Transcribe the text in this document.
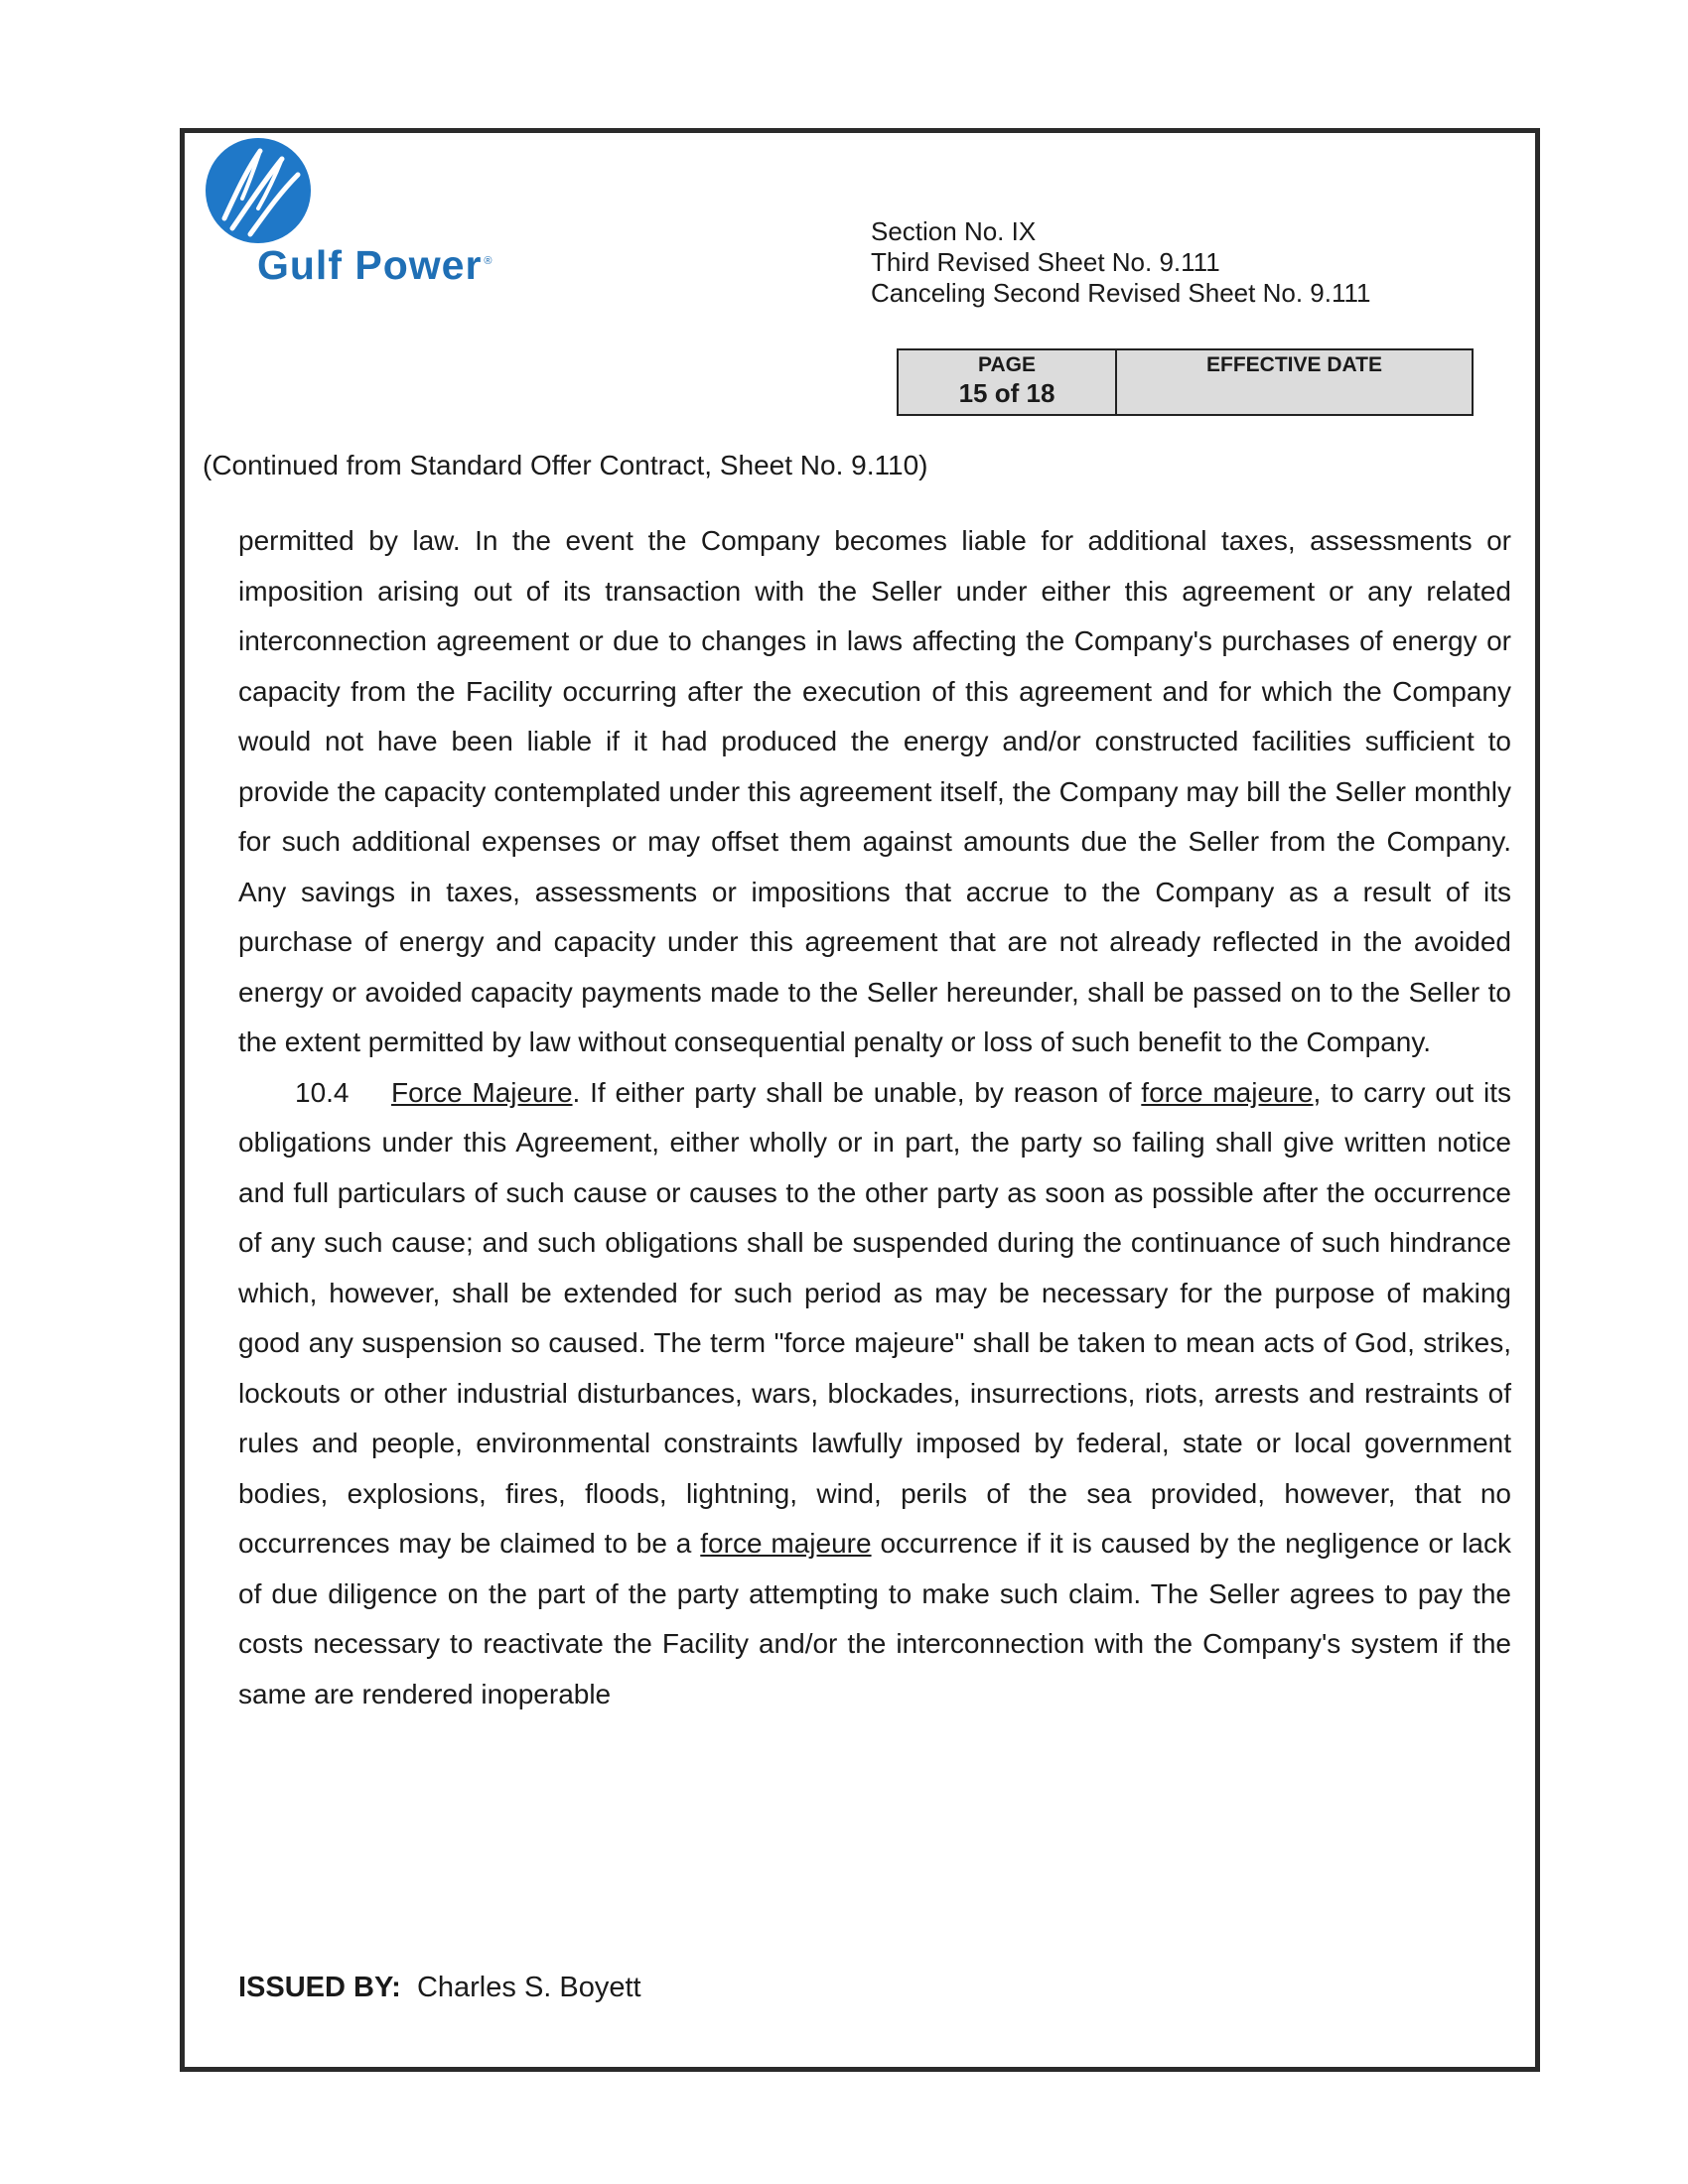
Gulf Power ®
Section No. IX
Third Revised Sheet No. 9.111
Canceling Second Revised Sheet No. 9.111
PAGE
15 of 18
EFFECTIVE DATE
(Continued from Standard Offer Contract, Sheet No. 9.110)

permitted by law. In the event the Company becomes liable for additional taxes, assessments or imposition arising out of its transaction with the Seller under either this agreement or any related interconnection agreement or due to changes in laws affecting the Company's purchases of energy or capacity from the Facility occurring after the execution of this agreement and for which the Company would not have been liable if it had produced the energy and/or constructed facilities sufficient to provide the capacity contemplated under this agreement itself, the Company may bill the Seller monthly for such additional expenses or may offset them against amounts due the Seller from the Company. Any savings in taxes, assessments or impositions that accrue to the Company as a result of its purchase of energy and capacity under this agreement that are not already reflected in the avoided energy or avoided capacity payments made to the Seller hereunder, shall be passed on to the Seller to the extent permitted by law without consequential penalty or loss of such benefit to the Company.

10.4 Force Majeure. If either party shall be unable, by reason of force majeure, to carry out its obligations under this Agreement, either wholly or in part, the party so failing shall give written notice and full particulars of such cause or causes to the other party as soon as possible after the occurrence of any such cause; and such obligations shall be suspended during the continuance of such hindrance which, however, shall be extended for such period as may be necessary for the purpose of making good any suspension so caused. The term "force majeure" shall be taken to mean acts of God, strikes, lockouts or other industrial disturbances, wars, blockades, insurrections, riots, arrests and restraints of rules and people, environmental constraints lawfully imposed by federal, state or local government bodies, explosions, fires, floods, lightning, wind, perils of the sea provided, however, that no occurrences may be claimed to be a force majeure occurrence if it is caused by the negligence or lack of due diligence on the part of the party attempting to make such claim. The Seller agrees to pay the costs necessary to reactivate the Facility and/or the interconnection with the Company's system if the same are rendered inoperable

ISSUED BY: Charles S. Boyett
